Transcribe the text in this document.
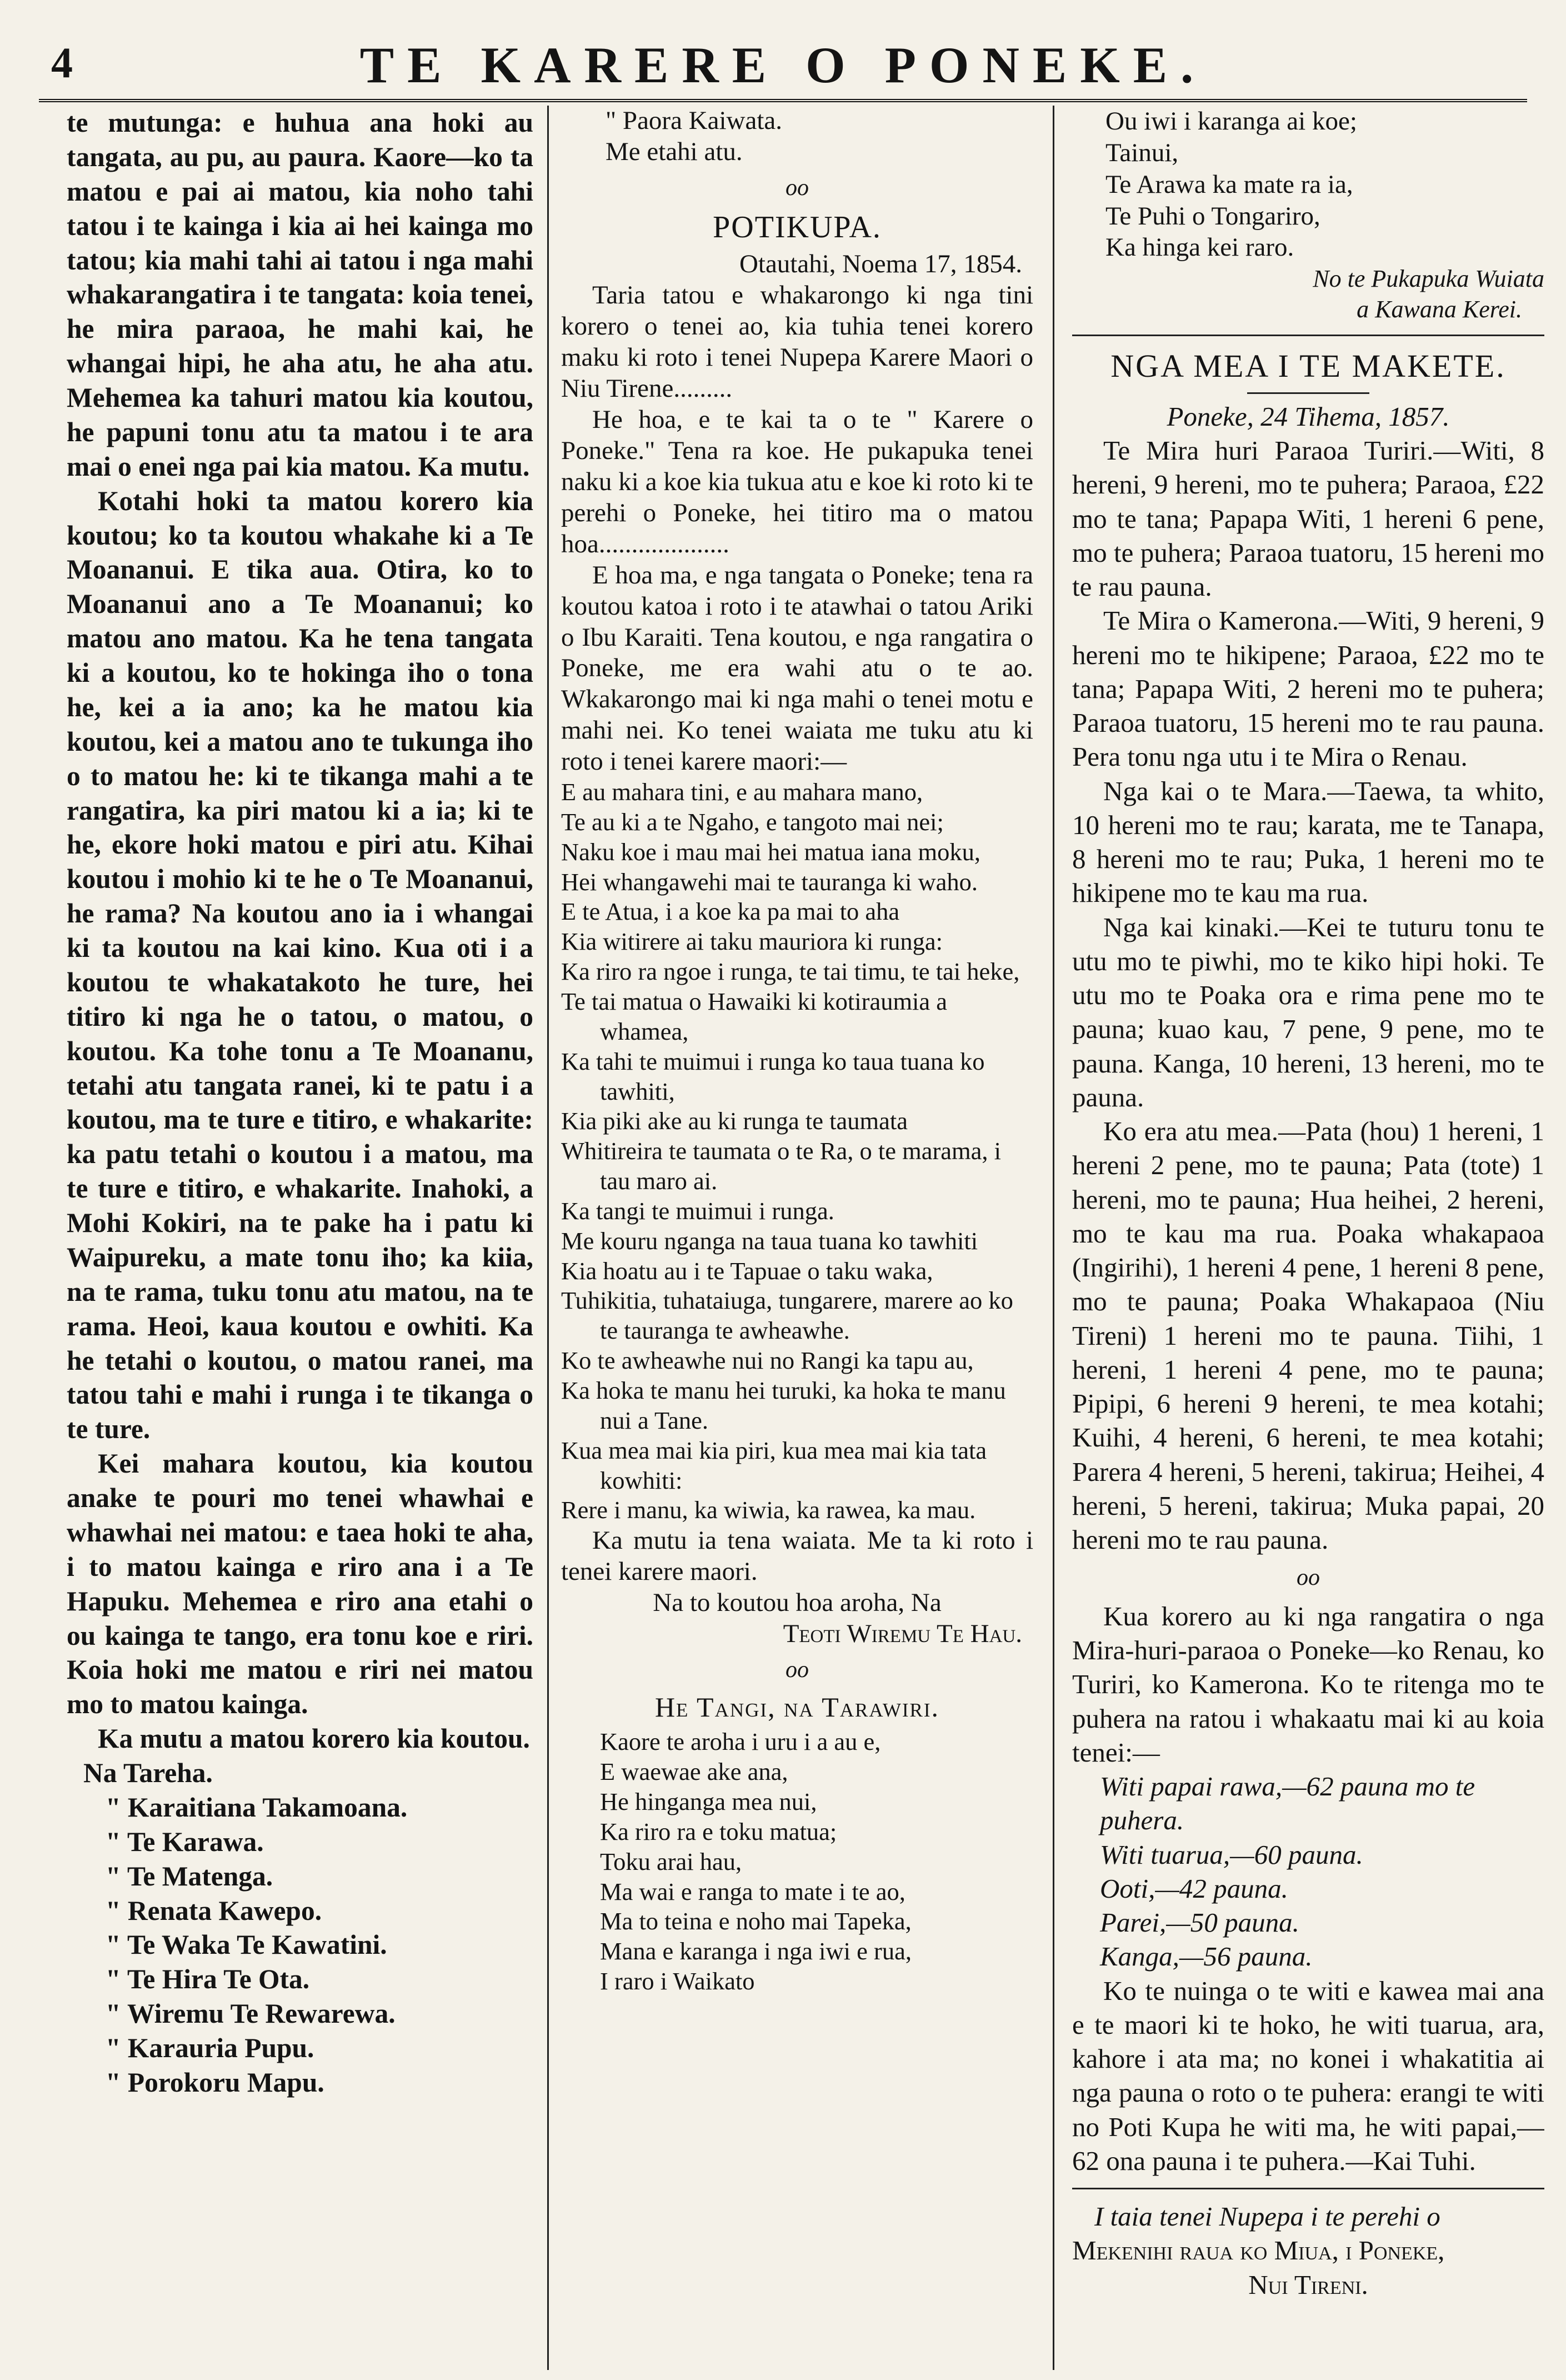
4	TE KARERE O PONEKE.

te mutunga: e huhua ana hoki au tangata, au pu, au paura. Kaore—ko ta matou e pai ai matou, kia noho tahi tatou i te kainga i kia ai hei kainga mo tatou; kia mahi tahi ai tatou i nga mahi whakarangatira i te tangata: koia tenei, he mira paraoa, he mahi kai, he whangai hipi, he aha atu, he aha atu. Mehemea ka tahuri matou kia koutou, he papuni tonu atu ta matou i te ara mai o enei nga pai kia matou. Ka mutu.

Kotahi hoki ta matou korero kia koutou; ko ta koutou whakahe ki a Te Moananui. E tika aua. Otira, ko to Moananui ano a Te Moananui; ko matou ano matou. Ka he tena tangata ki a koutou, ko te hokinga iho o tona he, kei a ia ano; ka he matou kia koutou, kei a matou ano te tukunga iho o to matou he: ki te tikanga mahi a te rangatira, ka piri matou ki a ia; ki te he, ekore hoki matou e piri atu. Kihai koutou i mohio ki te he o Te Moananui, he rama? Na koutou ano ia i whangai ki ta koutou na kai kino. Kua oti i a koutou te whakatakoto he ture, hei titiro ki nga he o tatou, o matou, o koutou. Ka tohe tonu a Te Moananu, tetahi atu tangata ranei, ki te patu i a koutou, ma te ture e titiro, e whakarite: ka patu tetahi o koutou i a matou, ma te ture e titiro, e whakarite. Inahoki, a Mohi Kokiri, na te pake ha i patu ki Waipureku, a mate tonu iho; ka kiia, na te rama, tuku tonu atu matou, na te rama. Heoi, kaua koutou e owhiti. Ka he tetahi o koutou, o matou ranei, ma tatou tahi e mahi i runga i te tikanga o te ture.

Kei mahara koutou, kia koutou anake te pouri mo tenei whawhai e whawhai nei matou: e taea hoki te aha, i to matou kainga e riro ana i a Te Hapuku. Mehemea e riro ana etahi o ou kainga te tango, era tonu koe e riri. Koia hoki me matou e riri nei matou mo to matou kainga.

Ka mutu a matou korero kia koutou.

Na Tareha.
" Karaitiana Takamoana.
" Te Karawa.
" Te Matenga.
" Renata Kawepo.
" Te Waka Te Kawatini.
" Te Hira Te Ota.
" Wiremu Te Rewarewa.
" Karauria Pupu.
" Porokoru Mapu.
" Paora Kaiwata.
Me etahi atu.
oo
POTIKUPA.
Otautahi, Noema 17, 1854.

Taria tatou e whakarongo ki nga tini korero o tenei ao, kia tuhia tenei korero maku ki roto i tenei Nupepa Karere Maori o Niu Tirene.........

He hoa, e te kai ta o te " Karere o Poneke." Tena ra koe. He pukapuka tenei naku ki a koe kia tukua atu e koe ki roto ki te perehi o Poneke, hei titiro ma o matou hoa....................

E hoa ma, e nga tangata o Poneke; tena ra koutou katoa i roto i te atawhai o tatou Ariki o Ibu Karaiti. Tena koutou, e nga rangatira o Poneke, me era wahi atu o te ao. Wkakarongo mai ki nga mahi o tenei motu e mahi nei. Ko tenei waiata me tuku atu ki roto i tenei karere maori:—

E au mahara tini, e au mahara mano,
Te au ki a te Ngaho, e tangoto mai nei;
Naku koe i mau mai hei matua iana moku,
Hei whangawehi mai te tauranga ki waho.
E te Atua, i a koe ka pa mai to aha
Kia witirere ai taku mauriora ki runga:
Ka riro ra ngoe i runga, te tai timu, te tai heke,
Te tai matua o Hawaiki ki kotiraumia a whamea,
Ka tahi te muimui i runga ko taua tuana ko tawhiti,
Kia piki ake au ki runga te taumata
Whitireira te taumata o te Ra, o te marama, i tau maro ai.
Ka tangi te muimui i runga.
Me kouru nganga na taua tuana ko tawhiti
Kia hoatu au i te Tapuae o taku waka,
Tuhikitia, tuhataiuga, tungarere, marere ao ko te tauranga te awheawhe.
Ko te awheawhe nui no Rangi ka tapu au,
Ka hoka te manu hei turuki, ka hoka te manu nui a Tane.
Kua mea mai kia piri, kua mea mai kia tata kowhiti:
Rere i manu, ka wiwia, ka rawea, ka mau.

Ka mutu ia tena waiata. Me ta ki roto i tenei karere maori.

Na to koutou hoa aroha, Na

Teoti Wiremu Te Hau.

oo
He Tangi, na Tarawiri.
Kaore te aroha i uru i a au e,
E waewae ake ana,
He hinganga mea nui,
Ka riro ra e toku matua;
Toku arai hau,
Ma wai e ranga to mate i te ao,
Ma to teina e noho mai Tapeka,
Mana e karanga i nga iwi e rua,
I raro i Waikato
Ou iwi i karanga ai koe;
Tainui,
Te Arawa ka mate ra ia,
Te Puhi o Tongariro,
Ka hinga kei raro.
No te Pukapuka Wuiata
a Kawana Kerei.
NGA MEA I TE MAKETE.
Poneke, 24 Tihema, 1857.

Te Mira huri Paraoa Turiri.—Witi, 8 hereni, 9 hereni, mo te puhera; Paraoa, £22 mo te tana; Papapa Witi, 1 hereni 6 pene, mo te puhera; Paraoa tuatoru, 15 hereni mo te rau pauna.

Te Mira o Kamerona.—Witi, 9 hereni, 9 hereni mo te hikipene; Paraoa, £22 mo te tana; Papapa Witi, 2 hereni mo te puhera; Paraoa tuatoru, 15 hereni mo te rau pauna. Pera tonu nga utu i te Mira o Renau.

Nga kai o te Mara.—Taewa, ta whito, 10 hereni mo te rau; karata, me te Tanapa, 8 hereni mo te rau; Puka, 1 hereni mo te hikipene mo te kau ma rua.

Nga kai kinaki.—Kei te tuturu tonu te utu mo te piwhi, mo te kiko hipi hoki. Te utu mo te Poaka ora e rima pene mo te pauna; kuao kau, 7 pene, 9 pene, mo te pauna. Kanga, 10 hereni, 13 hereni, mo te pauna.

Ko era atu mea.—Pata (hou) 1 hereni, 1 hereni 2 pene, mo te pauna; Pata (tote) 1 hereni, mo te pauna; Hua heihei, 2 hereni, mo te kau ma rua. Poaka whakapaoa (Ingirihi), 1 hereni 4 pene, 1 hereni 8 pene, mo te pauna; Poaka Whakapaoa (Niu Tireni) 1 hereni mo te pauna. Tiihi, 1 hereni, 1 hereni 4 pene, mo te pauna; Pipipi, 6 hereni 9 hereni, te mea kotahi; Kuihi, 4 hereni, 6 hereni, te mea kotahi; Parera 4 hereni, 5 hereni, takirua; Heihei, 4 hereni, 5 hereni, takirua; Muka papai, 20 hereni mo te rau pauna.

oo

Kua korero au ki nga rangatira o nga Mira-huri-paraoa o Poneke—ko Renau, ko Turiri, ko Kamerona. Ko te ritenga mo te puhera na ratou i whakaatu mai ki au koia tenei:—

Witi papai rawa,—62 pauna mo te puhera.
Witi tuarua,—60 pauna.
Ooti,—42 pauna.
Parei,—50 pauna.
Kanga,—56 pauna.

Ko te nuinga o te witi e kawea mai ana e te maori ki te hoko, he witi tuarua, ara, kahore i ata ma; no konei i whakatitia ai nga pauna o roto o te puhera: erangi te witi no Poti Kupa he witi ma, he witi papai,—62 ona pauna i te puhera.—Kai Tuhi.

I taia tenei Nupepa i te perehi o

Mekenihi raua ko Miua, i Poneke,

Nui Tireni.
